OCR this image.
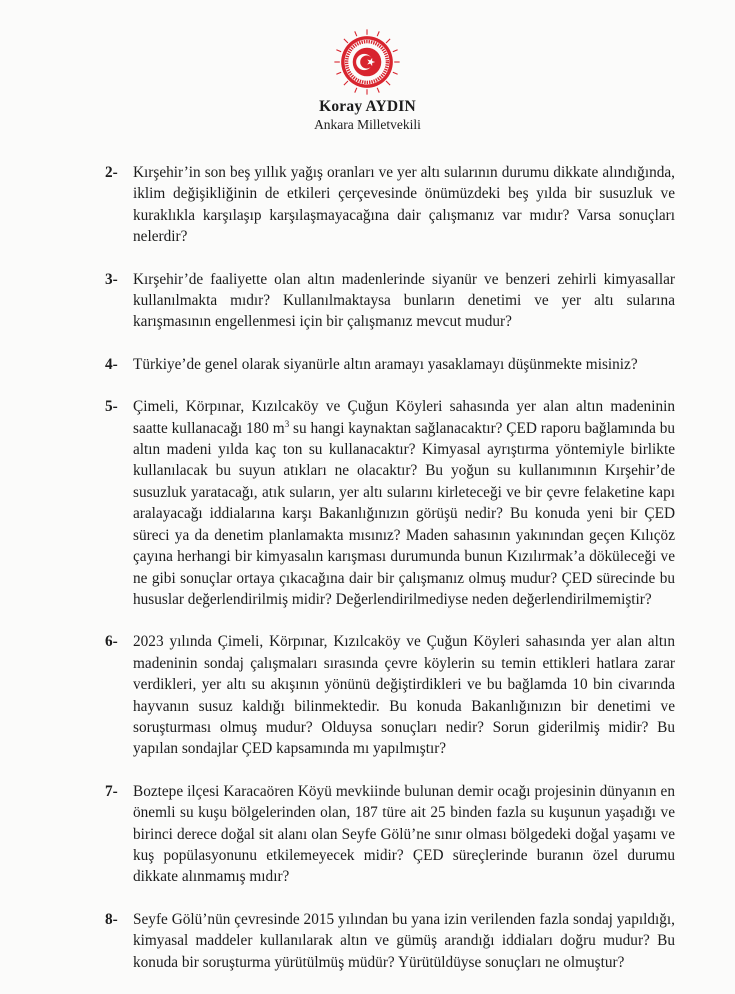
Koray AYDIN
Ankara Milletvekili
2- Kırşehir’in son beş yıllık yağış oranları ve yer altı sularının durumu dikkate alındığında, iklim değişikliğinin de etkileri çerçevesinde önümüzdeki beş yılda bir susuzluk ve kuraklıkla karşılaşıp karşılaşmayacağına dair çalışmanız var mıdır? Varsa sonuçları nelerdir?
3- Kırşehir’de faaliyette olan altın madenlerinde siyanür ve benzeri zehirli kimyasallar kullanılmakta mıdır? Kullanılmaktaysa bunların denetimi ve yer altı sularına karışmasının engellenmesi için bir çalışmanız mevcut mudur?
4- Türkiye’de genel olarak siyanürle altın aramayı yasaklamayı düşünmekte misiniz?
5- Çimeli, Körpınar, Kızılcaköy ve Çuğun Köyleri sahasında yer alan altın madeninin saatte kullanacağı 180 $m^3$ su hangi kaynaktan sağlanacaktır? ÇED raporu bağlamında bu altın madeni yılda kaç ton su kullanacaktır? Kimyasal ayrıştırma yöntemiyle birlikte kullanılacak bu suyun atıkları ne olacaktır? Bu yoğun su kullanımının Kırşehir’de susuzluk yaratacağı, atık suların, yer altı sularını kirleteceği ve bir çevre felaketine kapı aralayacağı iddialarına karşı Bakanlığınızın görüşü nedir? Bu konuda yeni bir ÇED süreci ya da denetim planlamakta mısınız? Maden sahasının yakınından geçen Kılıçöz çayına herhangi bir kimyasalın karışması durumunda bunun Kızılırmak’a döküleceği ve ne gibi sonuçlar ortaya çıkacağına dair bir çalışmanız olmuş mudur? ÇED sürecinde bu hususlar değerlendirilmiş midir? Değerlendirilmediyse neden değerlendirilmemiştir?
6- 2023 yılında Çimeli, Körpınar, Kızılcaköy ve Çuğun Köyleri sahasında yer alan altın madeninin sondaj çalışmaları sırasında çevre köylerin su temin ettikleri hatlara zarar verdikleri, yer altı su akışının yönünü değiştirdikleri ve bu bağlamda 10 bin civarında hayvanın susuz kaldığı bilinmektedir. Bu konuda Bakanlığınızın bir denetimi ve soruşturması olmuş mudur? Olduysa sonuçları nedir? Sorun giderilmiş midir? Bu yapılan sondajlar ÇED kapsamında mı yapılmıştır?
7- Boztepe ilçesi Karacaören Köyü mevkiinde bulunan demir ocağı projesinin dünyanın en önemli su kuşu bölgelerinden olan, 187 türe ait 25 binden fazla su kuşunun yaşadığı ve birinci derece doğal sit alanı olan Seyfe Gölü’ne sınır olması bölgedeki doğal yaşamı ve kuş popülasyonunu etkilemeyecek midir? ÇED süreçlerinde buranın özel durumu dikkate alınmamış mıdır?
8- Seyfe Gölü’nün çevresinde 2015 yılından bu yana izin verilenden fazla sondaj yapıldığı, kimyasal maddeler kullanılarak altın ve gümüş arandığı iddiaları doğru mudur? Bu konuda bir soruşturma yürütülmüş müdür? Yürütüldüyse sonuçları ne olmuştur?
